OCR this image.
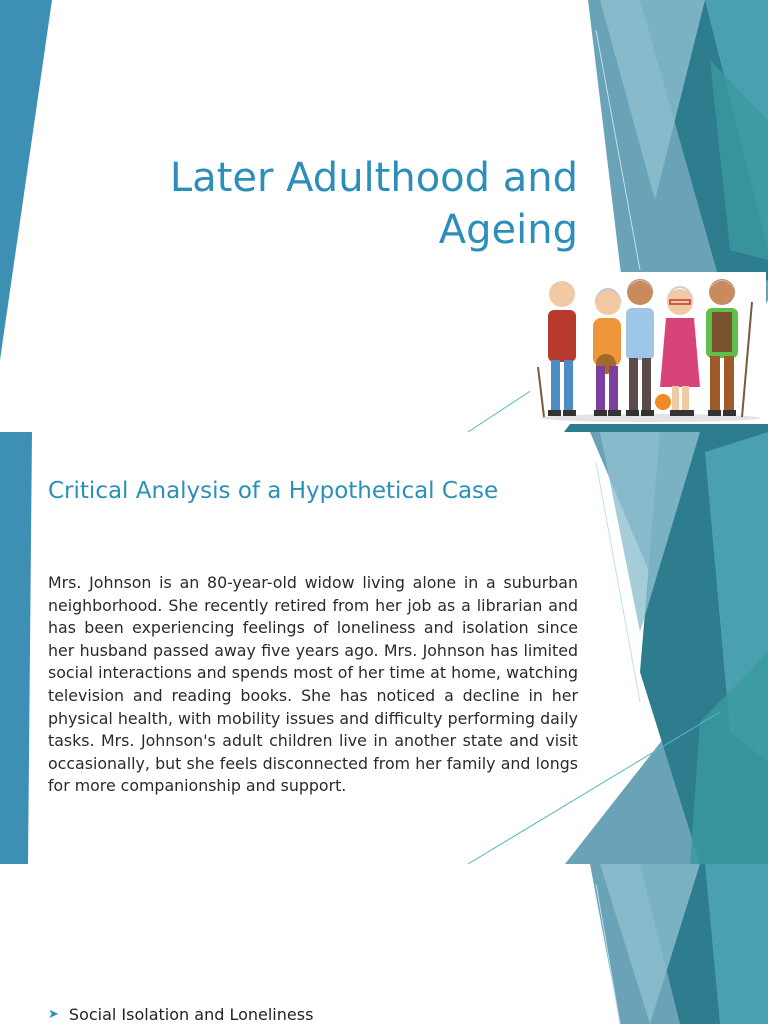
Later Adulthood and
Ageing
Critical Analysis of a Hypothetical Case

Mrs. Johnson is an 80-year-old widow living alone in a suburban neighborhood. She recently retired from her job as a librarian and has been experiencing feelings of loneliness and isolation since her husband passed away five years ago. Mrs. Johnson has limited social interactions and spends most of her time at home, watching television and reading books. She has noticed a decline in her physical health, with mobility issues and difficulty performing daily tasks. Mrs. Johnson's adult children live in another state and visit occasionally, but she feels disconnected from her family and longs for more companionship and support.

➤ Social Isolation and Loneliness
